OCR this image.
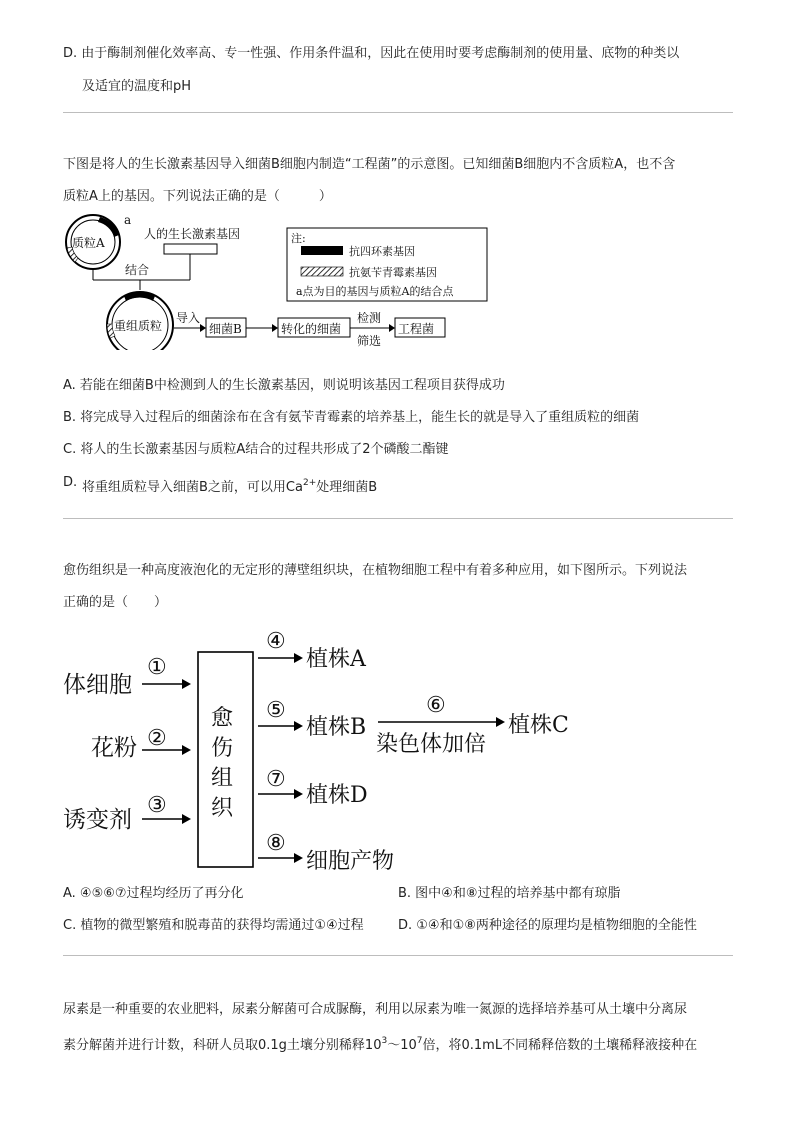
D. 由于酶制剂催化效率高、专一性强、作用条件温和，因此在使用时要考虑酶制剂的使用量、底物的种类以
及适宜的温度和pH
下图是将人的生长激素基因导入细菌B细胞内制造“工程菌”的示意图。已知细菌B细胞内不含质粒A，也不含
质粒A上的基因。下列说法正确的是（　　　）
质粒A
a
人的生长激素基因
结合
重组质粒
导入
细菌B	转化的细菌
检测
筛选
工程菌
注:
抗四环素基因
抗氨苄青霉素基因
a点为目的基因与质粒A的结合点
A. 若能在细菌B中检测到人的生长激素基因，则说明该基因工程项目获得成功
B. 将完成导入过程后的细菌涂布在含有氨苄青霉素的培养基上，能生长的就是导入了重组质粒的细菌
C. 将人的生长激素基因与质粒A结合的过程共形成了2个磷酸二酯键
D. 将重组质粒导入细菌B之前，可以用$Ca^{2+}$处理细菌B
愈伤组织是一种高度液泡化的无定形的薄壁组织块，在植物细胞工程中有着多种应用，如下图所示。下列说法
正确的是（　　）
体细胞
花粉
诱变剂
①
②
③
愈
伤
组
织
④
植株A
⑤
植株B
⑥
染色体加倍
植株C
⑦
植株D
⑧
细胞产物
A. ④⑤⑥⑦过程均经历了再分化	B. 图中④和⑧过程的培养基中都有琼脂
C. 植物的微型繁殖和脱毒苗的获得均需通过①④过程	D. ①④和①⑧两种途径的原理均是植物细胞的全能性
尿素是一种重要的农业肥料，尿素分解菌可合成脲酶，利用以尿素为唯一氮源的选择培养基可从土壤中分离尿
素分解菌并进行计数，科研人员取0.1g土壤分别稀释$10^3\sim 10^7$倍，将0.1mL不同稀释倍数的土壤稀释液接种在
